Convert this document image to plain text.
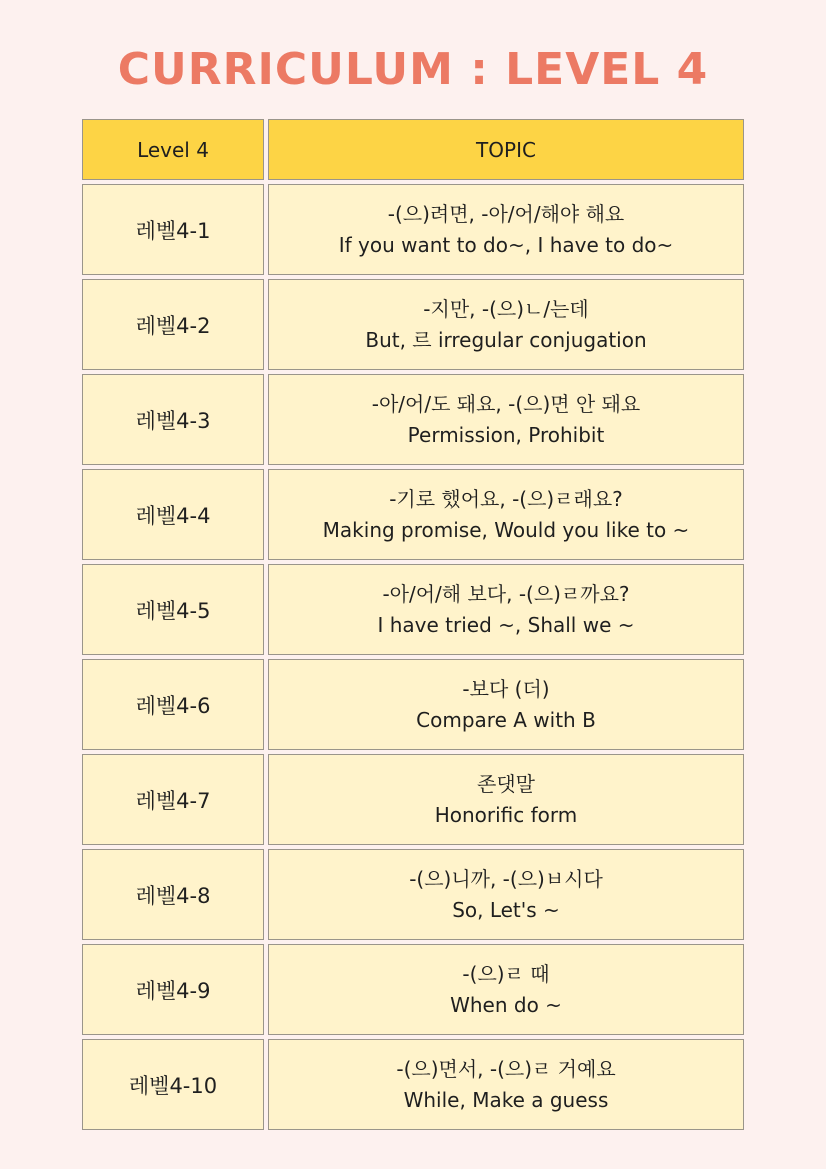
CURRICULUM : LEVEL 4
Level 4	TOPIC
레벨4-1
-(으)려면, -아/어/해야 해요
If you want to do~, I have to do~
레벨4-2
-지만, -(으)ㄴ/는데
But, 르 irregular conjugation
레벨4-3
-아/어/도 돼요, -(으)면 안 돼요
Permission, Prohibit
레벨4-4
-기로 했어요, -(으)ㄹ래요?
Making promise, Would you like to ~
레벨4-5
-아/어/해 보다, -(으)ㄹ까요?
I have tried ~, Shall we ~
레벨4-6
-보다 (더)
Compare A with B
레벨4-7
존댓말
Honorific form
레벨4-8
-(으)니까, -(으)ㅂ시다
So, Let's ~
레벨4-9
-(으)ㄹ 때
When do ~
레벨4-10
-(으)면서, -(으)ㄹ 거예요
While, Make a guess
